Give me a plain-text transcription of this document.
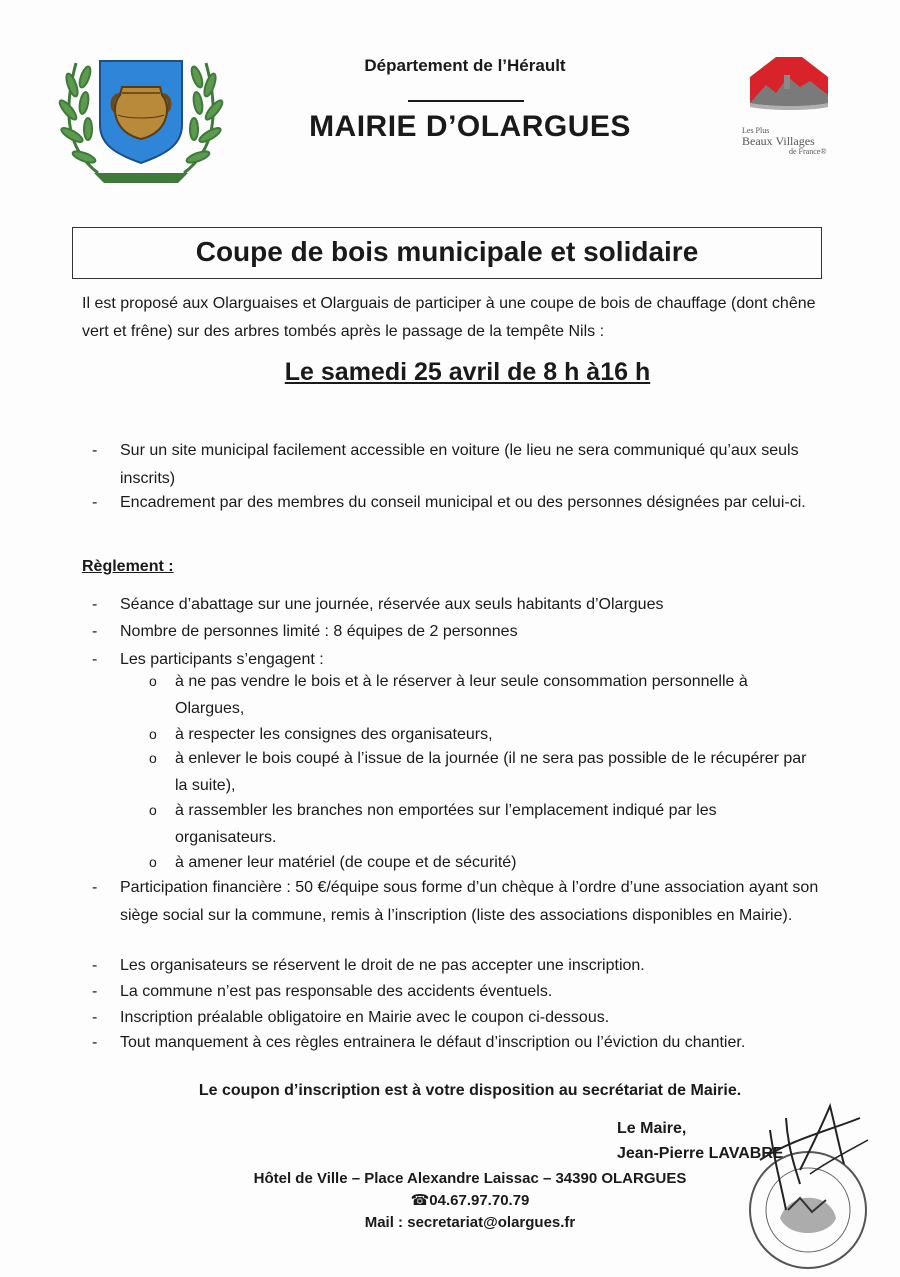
Département de l’Hérault
MAIRIE D’OLARGUES	Les Plus
Beaux Villages
de France®
Coupe de bois municipale et solidaire
Il est proposé aux Olarguaises et Olarguais de participer à une coupe de bois de chauffage (dont chêne vert et frêne) sur des arbres tombés après le passage de la tempête Nils :
Le samedi 25 avril de 8 h à16 h
- Sur un site municipal facilement accessible en voiture (le lieu ne sera communiqué qu’aux seuls inscrits)
- Encadrement par des membres du conseil municipal et ou des personnes désignées par celui-ci.
Règlement :
- Séance d’abattage sur une journée, réservée aux seuls habitants d’Olargues
- Nombre de personnes limité : 8 équipes de 2 personnes
- Les participants s’engagent :
o à ne pas vendre le bois et à le réserver à leur seule consommation personnelle à Olargues,
o à respecter les consignes des organisateurs,
o à enlever le bois coupé à l’issue de la journée (il ne sera pas possible de le récupérer par la suite),
o à rassembler les branches non emportées sur l’emplacement indiqué par les organisateurs.
o à amener leur matériel (de coupe et de sécurité)
- Participation financière : 50 €/équipe sous forme d’un chèque à l’ordre d’une association ayant son siège social sur la commune, remis à l’inscription (liste des associations disponibles en Mairie).
- Les organisateurs se réservent le droit de ne pas accepter une inscription.
- La commune n’est pas responsable des accidents éventuels.
- Inscription préalable obligatoire en Mairie avec le coupon ci-dessous.
- Tout manquement à ces règles entrainera le défaut d’inscription ou l’éviction du chantier.
Le coupon d’inscription est à votre disposition au secrétariat de Mairie.
Le Maire,
Jean-Pierre LAVABRE
Hôtel de Ville – Place Alexandre Laissac – 34390 OLARGUES
☎04.67.97.70.79
Mail : secretariat@olargues.fr
